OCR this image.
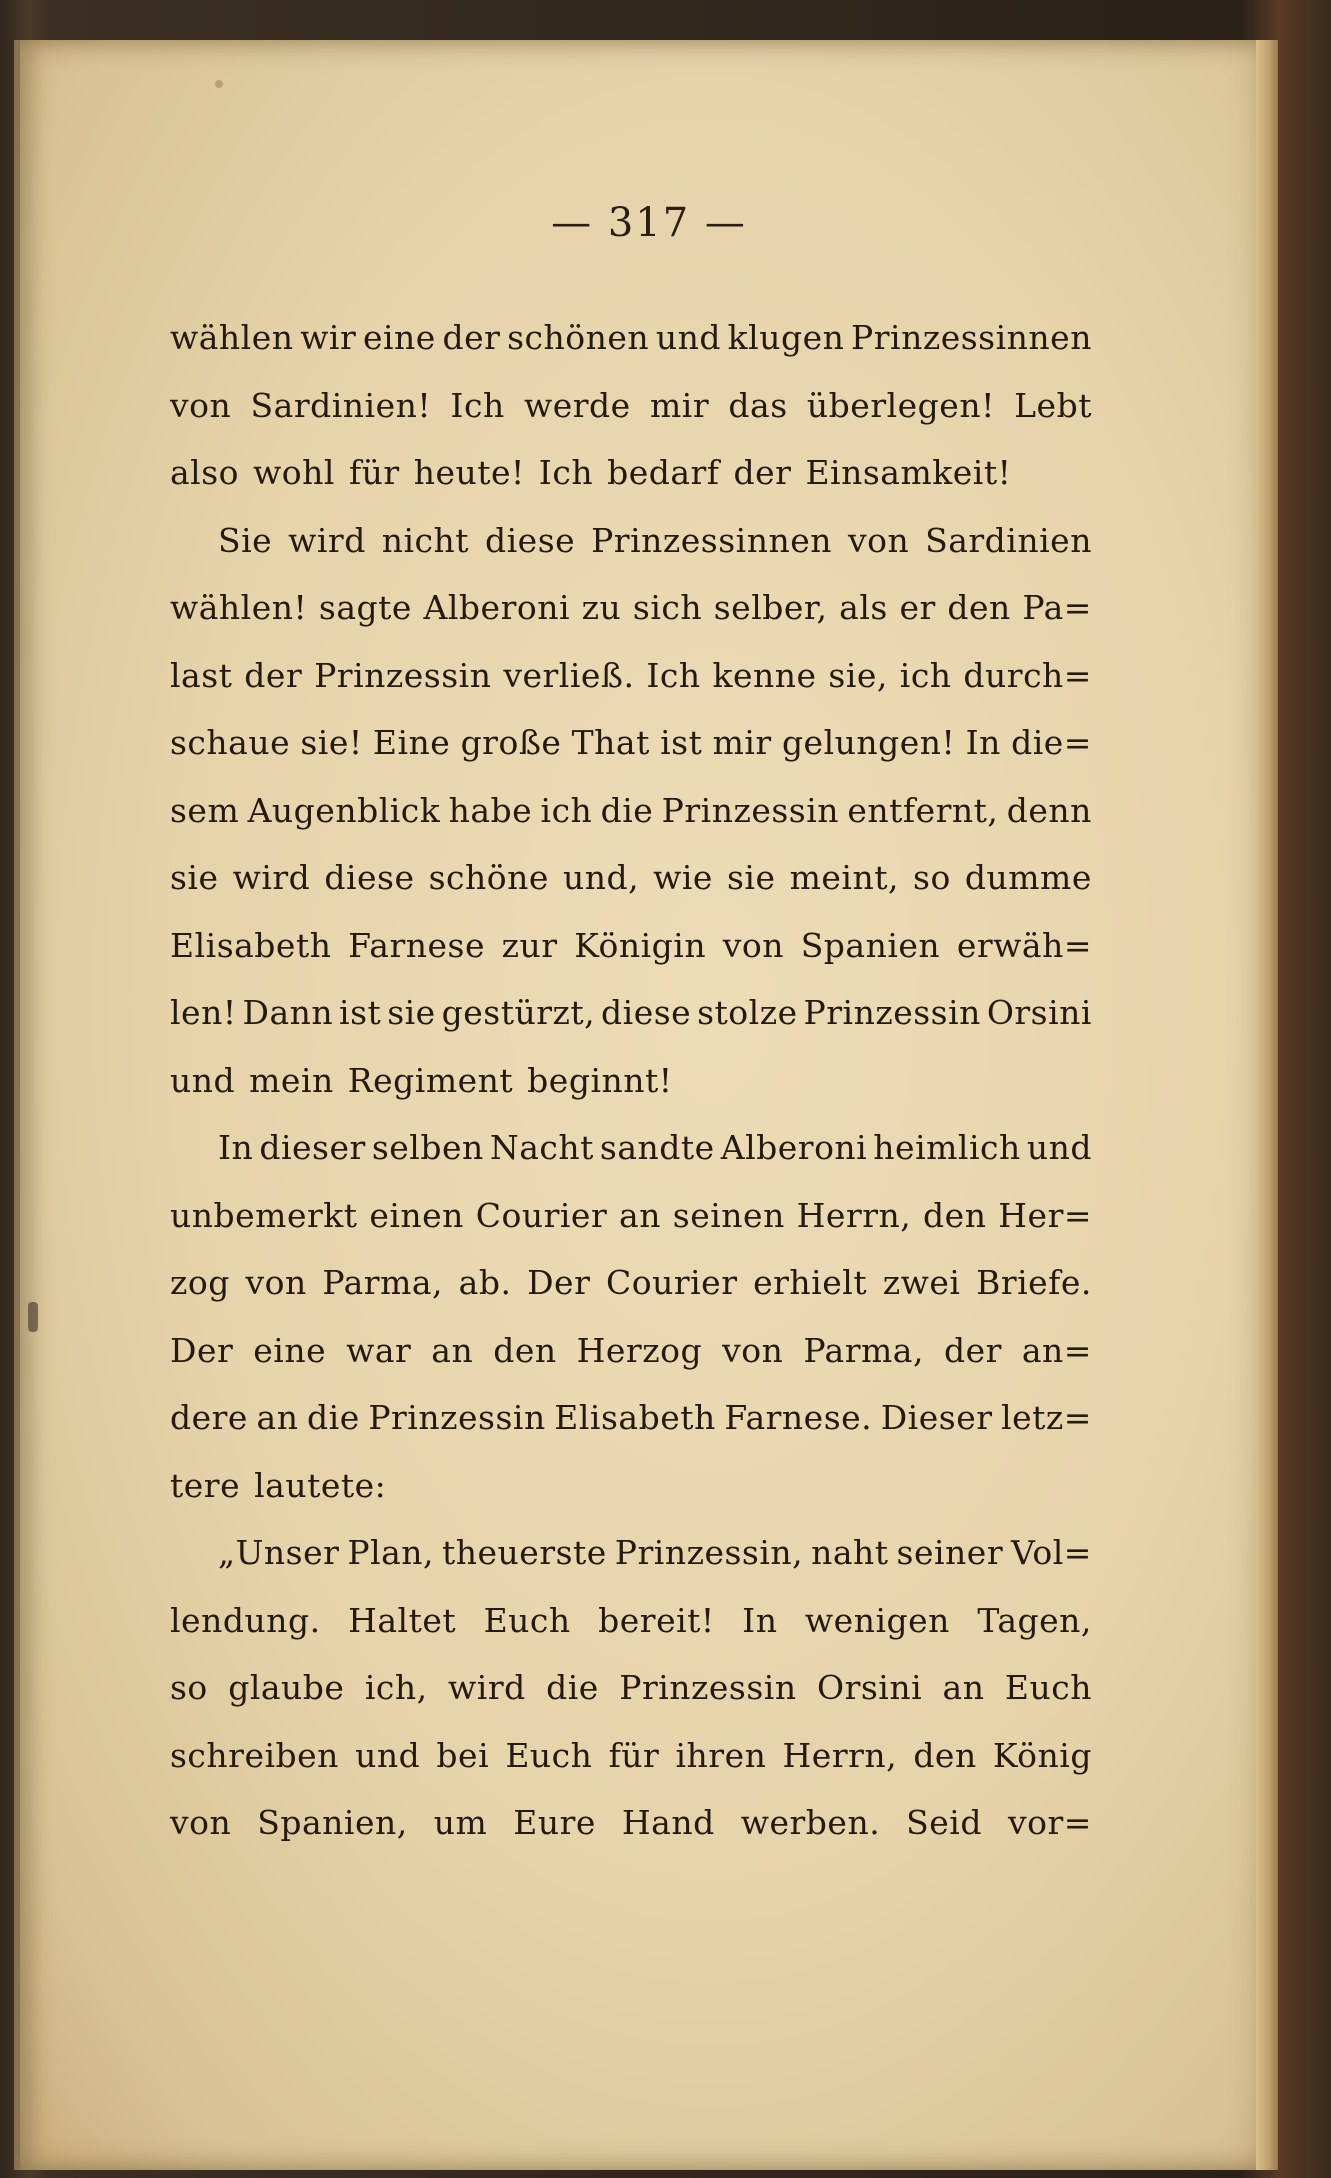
— 317 —

wählen wir eine der schönen und klugen Prinzessinnen
von Sardinien! Ich werde mir das überlegen! Lebt
also wohl für heute! Ich bedarf der Einsamkeit!
Sie wird nicht diese Prinzessinnen von Sardinien
wählen! sagte Alberoni zu sich selber, als er den Pa=
last der Prinzessin verließ. Ich kenne sie, ich durch=
schaue sie! Eine große That ist mir gelungen! In die=
sem Augenblick habe ich die Prinzessin entfernt, denn
sie wird diese schöne und, wie sie meint, so dumme
Elisabeth Farnese zur Königin von Spanien erwäh=
len! Dann ist sie gestürzt, diese stolze Prinzessin Orsini
und mein Regiment beginnt!
In dieser selben Nacht sandte Alberoni heimlich und
unbemerkt einen Courier an seinen Herrn, den Her=
zog von Parma, ab. Der Courier erhielt zwei Briefe.
Der eine war an den Herzog von Parma, der an=
dere an die Prinzessin Elisabeth Farnese. Dieser letz=
tere lautete:
„Unser Plan, theuerste Prinzessin, naht seiner Vol=
lendung. Haltet Euch bereit! In wenigen Tagen,
so glaube ich, wird die Prinzessin Orsini an Euch
schreiben und bei Euch für ihren Herrn, den König
von Spanien, um Eure Hand werben. Seid vor=
